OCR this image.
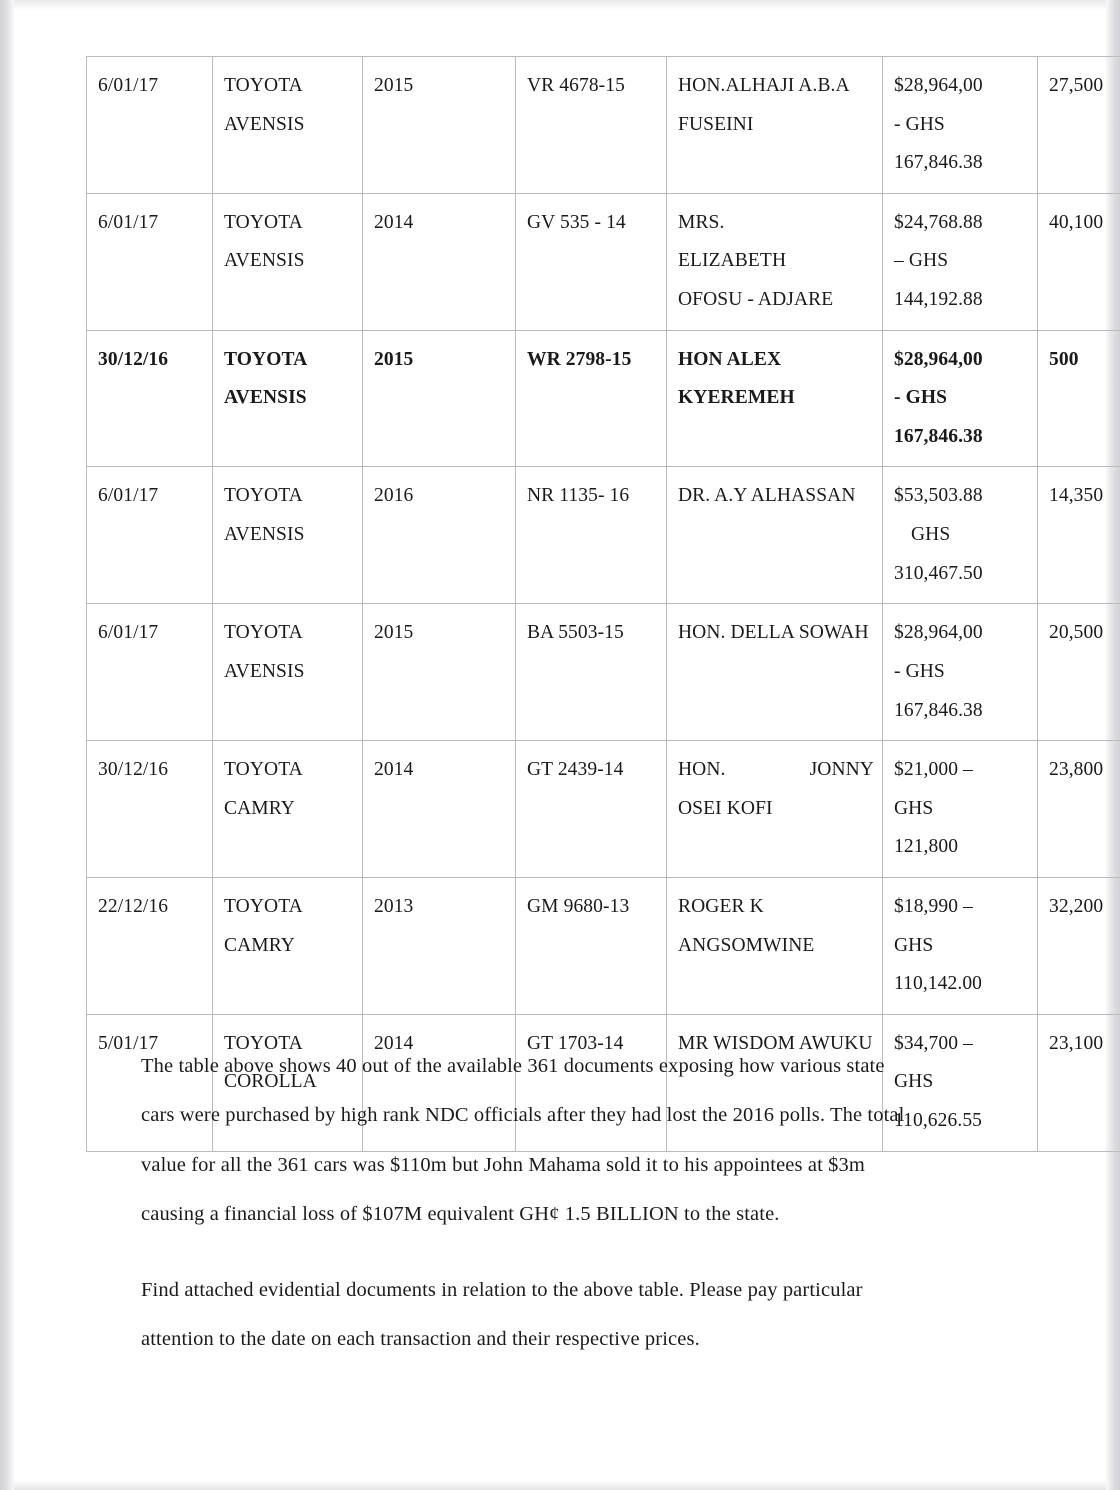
6/01/17	TOYOTA AVENSIS	2015	VR 4678-15	HON.ALHAJI A.B.A FUSEINI	$28,964,00
- GHS
167,846.38	27,500
6/01/17	TOYOTA AVENSIS	2014	GV 535 - 14	MRS.
ELIZABETH
OFOSU - ADJARE	$24,768.88
– GHS
144,192.88	40,100
30/12/16	TOYOTA AVENSIS	2015	WR 2798-15	HON ALEX
KYEREMEH	$28,964,00
- GHS
167,846.38	500
6/01/17	TOYOTA AVENSIS	2016	NR 1135- 16	DR. A.Y ALHASSAN	$53,503.88

GHS
310,467.50	14,350
6/01/17	TOYOTA AVENSIS	2015	BA 5503-15	HON. DELLA SOWAH	$28,964,00
- GHS
167,846.38	20,500
30/12/16	TOYOTA CAMRY	2014	GT 2439-14	HON. JONNY
OSEI KOFI	$21,000 –
GHS
121,800	23,800
22/12/16	TOYOTA CAMRY	2013	GM 9680-13	ROGER K ANGSOMWINE	$18,990 –
GHS
110,142.00	32,200
5/01/17	TOYOTA COROLLA	2014	GT 1703-14	MR WISDOM AWUKU	$34,700 –
GHS
110,626.55	23,100

The table above shows 40 out of the available 361 documents exposing how various state cars were purchased by high rank NDC officials after they had lost the 2016 polls. The total value for all the 361 cars was $110m but John Mahama sold it to his appointees at $3m causing a financial loss of $107M equivalent GH¢ 1.5 BILLION to the state.

Find attached evidential documents in relation to the above table. Please pay particular attention to the date on each transaction and their respective prices.
